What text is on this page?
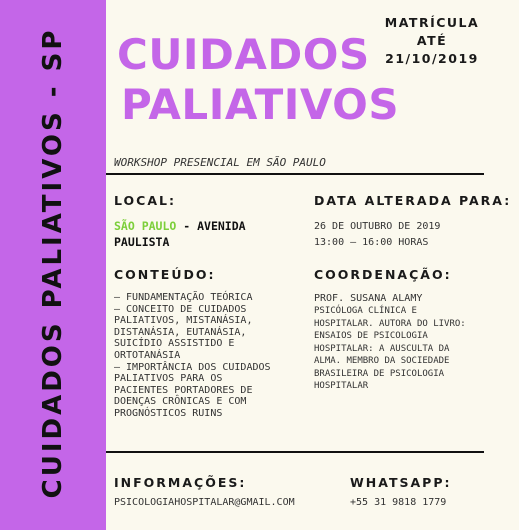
CUIDADOS PALIATIVOS - SP
MATRÍCULA ATÉ
21/10/2019
CUIDADOS
PALIATIVOS
WORKSHOP PRESENCIAL EM SÃO PAULO
LOCAL:
SÃO PAULO - AVENIDA
PAULISTA
DATA ALTERADA PARA:
26 DE OUTUBRO DE 2019
13:00 – 16:00 HORAS
CONTEÚDO:
– FUNDAMENTAÇÃO TEÓRICA
– CONCEITO DE CUIDADOS
PALIATIVOS, MISTANÁSIA,
DISTANÁSIA, EUTANÁSIA,
SUICÍDIO ASSISTIDO E
ORTOTANÁSIA
– IMPORTÂNCIA DOS CUIDADOS
PALIATIVOS PARA OS
PACIENTES PORTADORES DE
DOENÇAS CRÔNICAS E COM
PROGNÓSTICOS RUINS
COORDENAÇÃO:
PROF. SUSANA ALAMY
PSICÓLOGA CLÍNICA E
HOSPITALAR. AUTORA DO LIVRO:
ENSAIOS DE PSICOLOGIA
HOSPITALAR: A AUSCULTA DA
ALMA. MEMBRO DA SOCIEDADE
BRASILEIRA DE PSICOLOGIA
HOSPITALAR
INFORMAÇÕES:
PSICOLOGIAHOSPITALAR@GMAIL.COM
WHATSAPP:
+55 31 9818 1779
